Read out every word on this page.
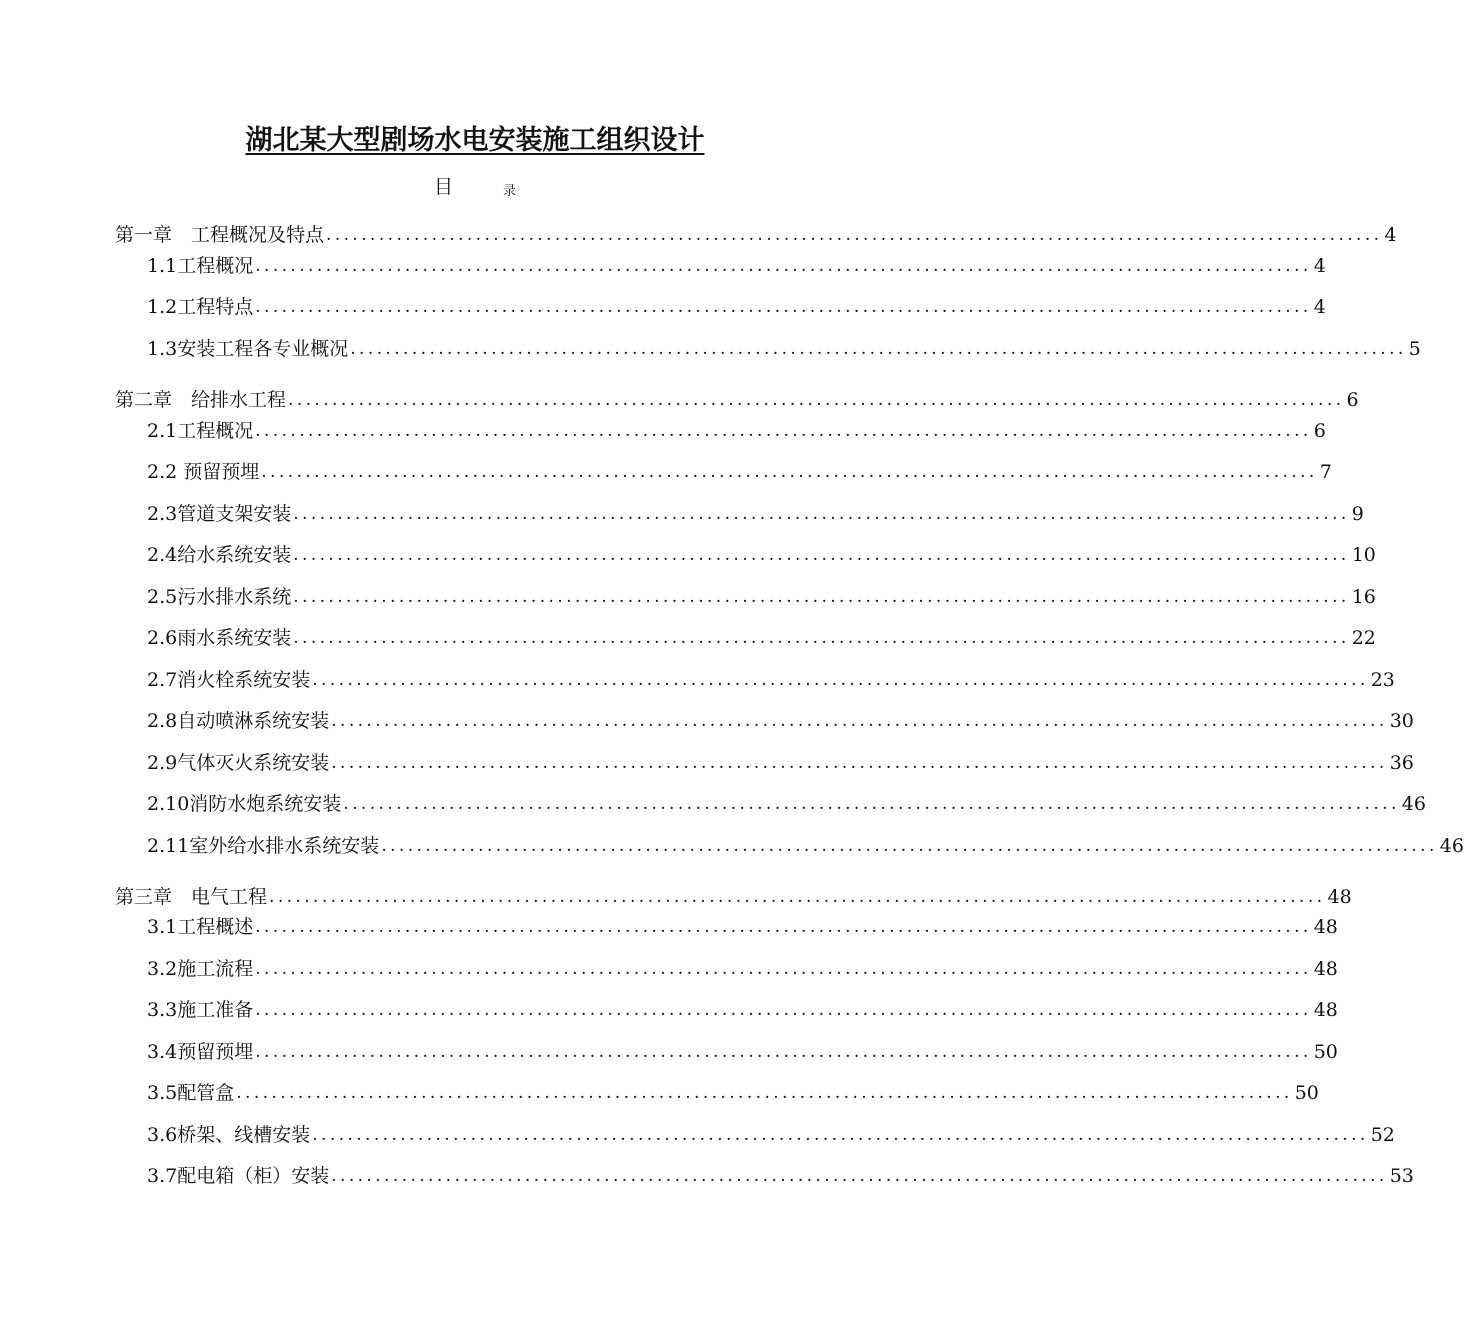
湖北某大型剧场水电安装施工组织设计
目	录
第一章　工程概况及特点 ........................................................................................................................ 4
1.1工程概况 ........................................................................................................................ 4
1.2工程特点 ........................................................................................................................ 4
1.3安装工程各专业概况 ........................................................................................................................ 5
第二章　给排水工程 ........................................................................................................................ 6
2.1工程概况 ........................................................................................................................ 6
2.2 预留预埋 ........................................................................................................................ 7
2.3管道支架安装 ........................................................................................................................ 9
2.4给水系统安装 ........................................................................................................................ 10
2.5污水排水系统 ........................................................................................................................ 16
2.6雨水系统安装 ........................................................................................................................ 22
2.7消火栓系统安装 ........................................................................................................................ 23
2.8自动喷淋系统安装 ........................................................................................................................ 30
2.9气体灭火系统安装 ........................................................................................................................ 36
2.10消防水炮系统安装 ........................................................................................................................ 46
2.11室外给水排水系统安装 ........................................................................................................................ 46
第三章　电气工程 ........................................................................................................................ 48
3.1工程概述 ........................................................................................................................ 48
3.2施工流程 ........................................................................................................................ 48
3.3施工准备 ........................................................................................................................ 48
3.4预留预埋 ........................................................................................................................ 50
3.5配管盒 ........................................................................................................................ 50
3.6桥架、线槽安装 ........................................................................................................................ 52
3.7配电箱（柜）安装 ........................................................................................................................ 53
